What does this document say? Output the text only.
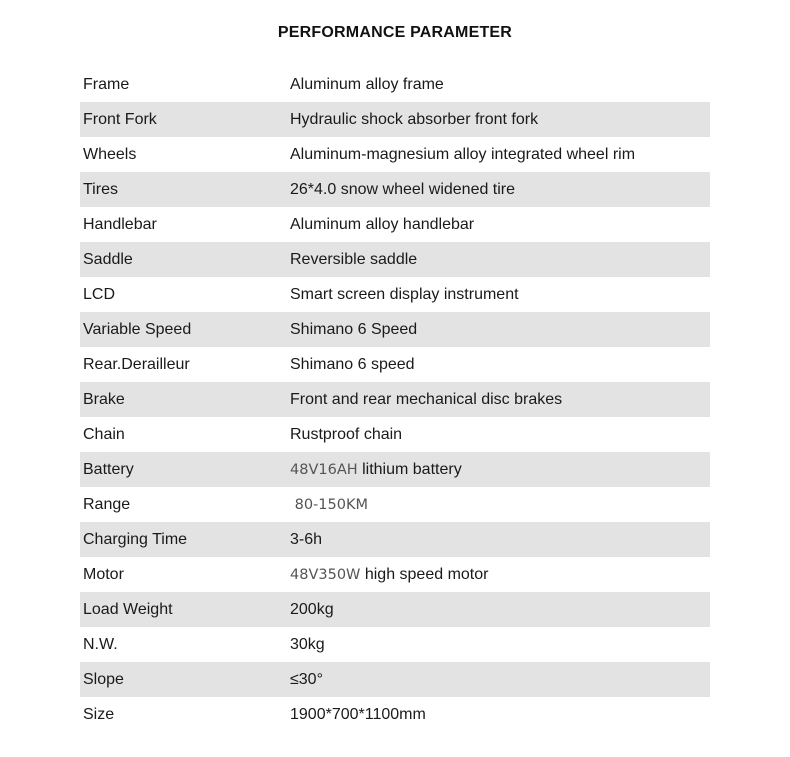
PERFORMANCE PARAMETER
Frame	Aluminum alloy frame
Front Fork	Hydraulic shock absorber front fork
Wheels	Aluminum-magnesium alloy integrated wheel rim
Tires	26*4.0 snow wheel widened tire
Handlebar	Aluminum alloy handlebar
Saddle	Reversible saddle
LCD	Smart screen display instrument
Variable Speed	Shimano 6 Speed
Rear.Derailleur	Shimano 6 speed
Brake	Front and rear mechanical disc brakes
Chain	Rustproof chain
Battery	48V16AH lithium battery
Range	80-150KM
Charging Time	3-6h
Motor	48V350W high speed motor
Load Weight	200kg
N.W.	30kg
Slope	≤30°
Size	1900*700*1100mm
